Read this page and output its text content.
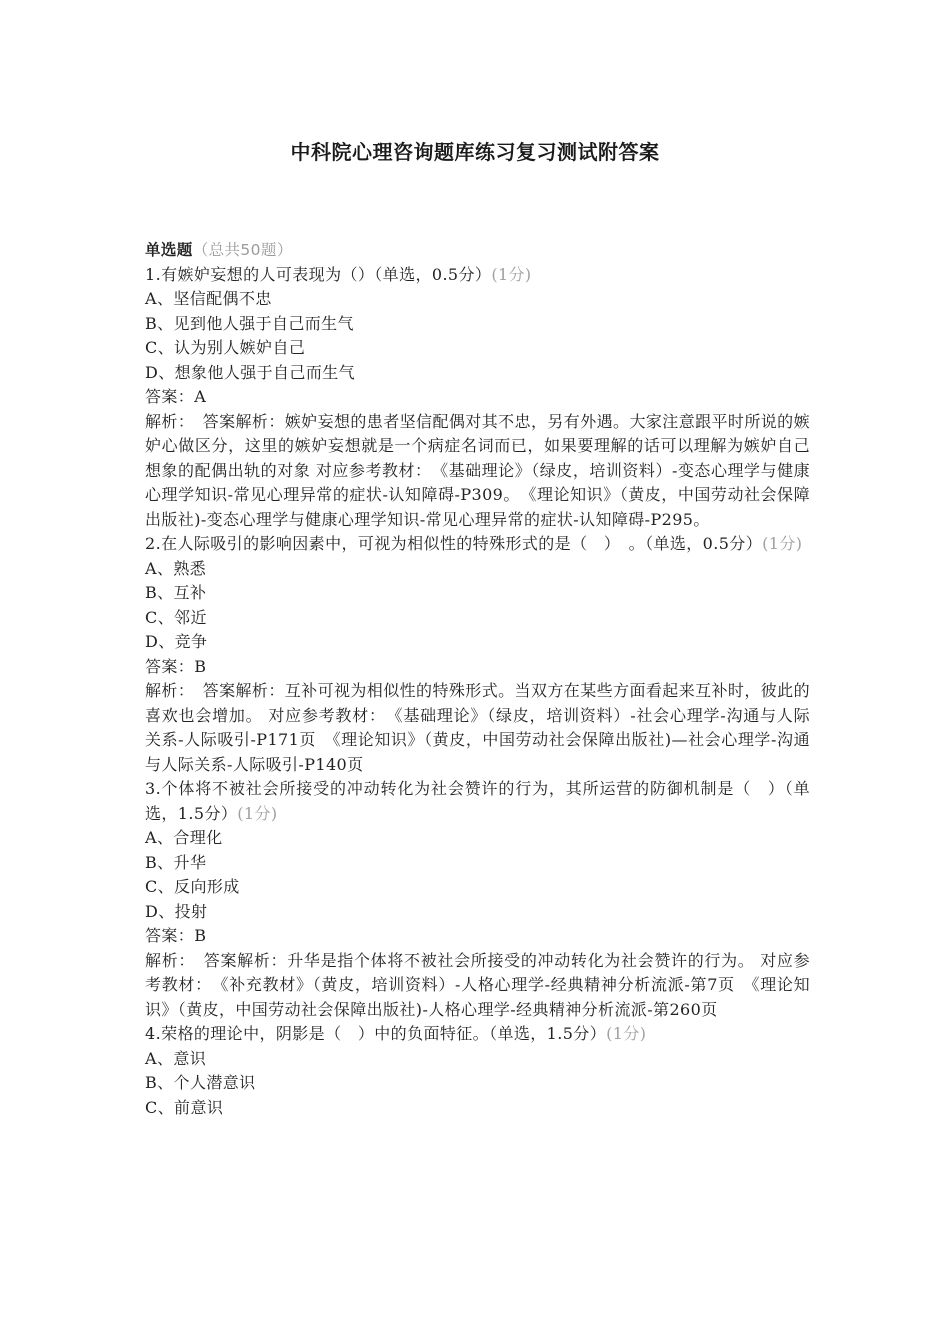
中科院心理咨询题库练习复习测试附答案
单选题（总共50题）
1.有嫉妒妄想的人可表现为（）（单选，0.5分）(1分)
A、坚信配偶不忠
B、见到他人强于自己而生气
C、认为别人嫉妒自己
D、想象他人强于自己而生气
答案：A
解析：　答案解析：嫉妒妄想的患者坚信配偶对其不忠，另有外遇。大家注意跟平时所说的嫉妒心做区分，这里的嫉妒妄想就是一个病症名词而已，如果要理解的话可以理解为嫉妒自己想象的配偶出轨的对象 对应参考教材：　《基础理论》（绿皮，培训资料）-变态心理学与健康心理学知识-常见心理异常的症状-认知障碍-P309。　《理论知识》（黄皮，中国劳动社会保障出版社)-变态心理学与健康心理学知识-常见心理异常的症状-认知障碍-P295。
2.在人际吸引的影响因素中，可视为相似性的特殊形式的是（　）　。（单选，0.5分）(1分)
A、熟悉
B、互补
C、邻近
D、竞争
答案：B
解析：　答案解析：互补可视为相似性的特殊形式。当双方在某些方面看起来互补时，彼此的喜欢也会增加。 对应参考教材：　《基础理论》（绿皮，培训资料）-社会心理学-沟通与人际关系-人际吸引-P171页　《理论知识》（黄皮，中国劳动社会保障出版社)—社会心理学-沟通与人际关系-人际吸引-P140页
3.个体将不被社会所接受的冲动转化为社会赞许的行为，其所运营的防御机制是（　）（单选，1.5分）(1分)
A、合理化
B、升华
C、反向形成
D、投射
答案：B
解析：　答案解析：升华是指个体将不被社会所接受的冲动转化为社会赞许的行为。 对应参考教材：　《补充教材》（黄皮，培训资料）-人格心理学-经典精神分析流派-第7页　《理论知识》（黄皮，中国劳动社会保障出版社)-人格心理学-经典精神分析流派-第260页
4.荣格的理论中，阴影是（　）中的负面特征。（单选，1.5分）(1分)
A、意识
B、个人潜意识
C、前意识
